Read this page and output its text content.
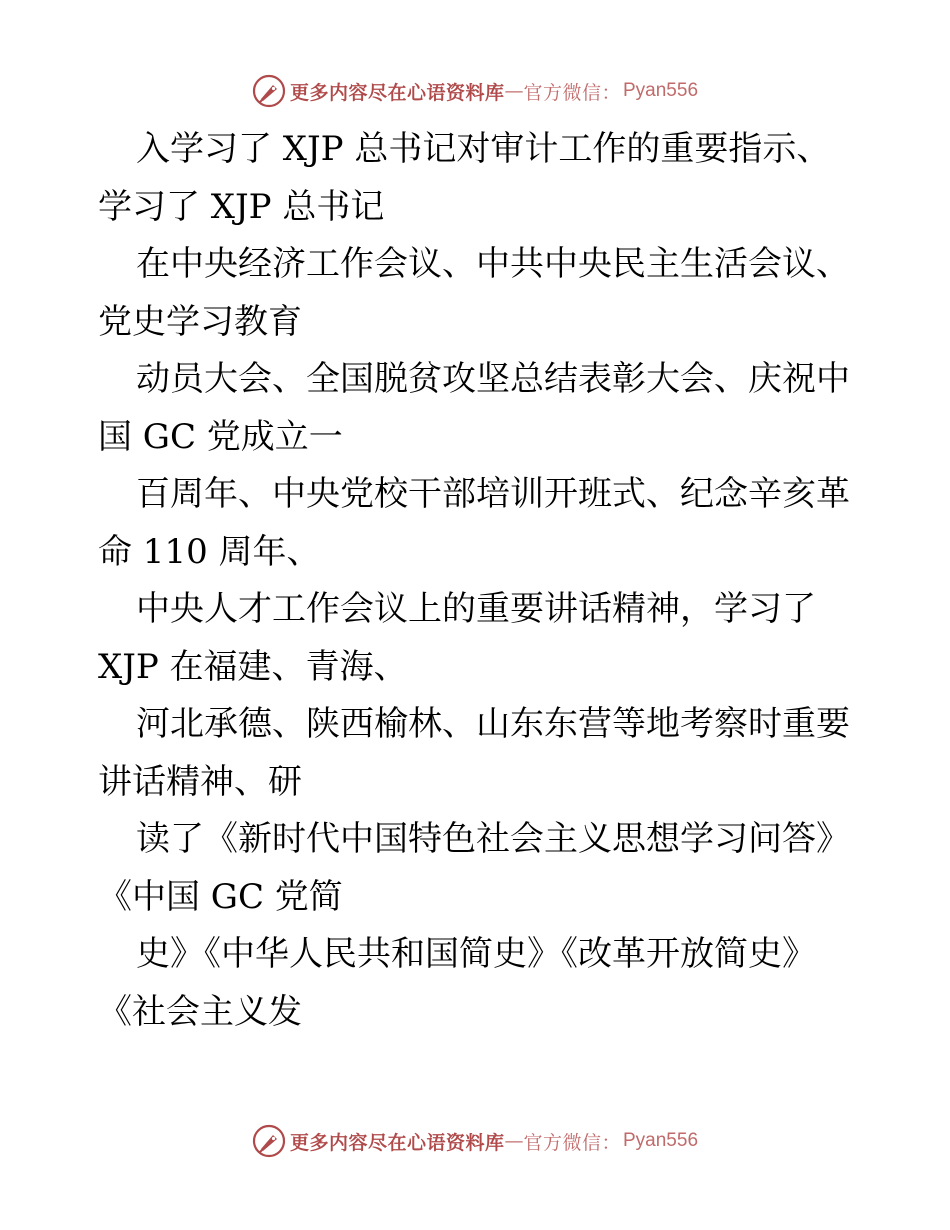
更多内容尽在心语资料库 — 官方微信： Pyan556

入学习了 XJP 总书记对审计工作的重要指示、
学习了 XJP 总书记

在中央经济工作会议、中共中央民主生活会议、
党史学习教育

动员大会、全国脱贫攻坚总结表彰大会、庆祝中
国 GC 党成立一

百周年、中央党校干部培训开班式、纪念辛亥革
命 110 周年、

中央人才工作会议上的重要讲话精神，学习了
XJP 在福建、青海、

河北承德、陕西榆林、山东东营等地考察时重要
讲话精神、研

读了《新时代中国特色社会主义思想学习问答》
《中国 GC 党简

史》《中华人民共和国简史》《改革开放简史》
《社会主义发

更多内容尽在心语资料库 — 官方微信： Pyan556
